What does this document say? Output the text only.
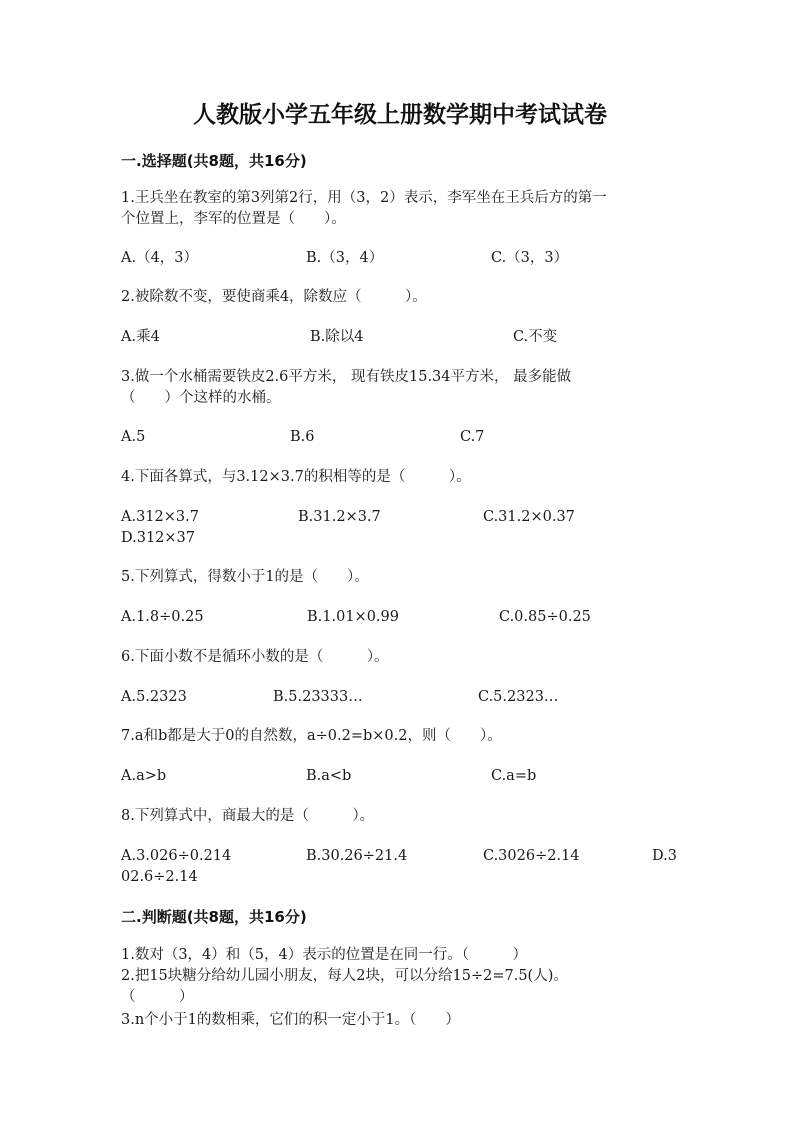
人教版小学五年级上册数学期中考试试卷
一.选择题(共8题，共16分)
1.王兵坐在教室的第3列第2行，用（3，2）表示，李军坐在王兵后方的第一
个位置上，李军的位置是（　　）。
A.（4，3）	B.（3，4）	C.（3，3）
2.被除数不变，要使商乘4，除数应（　　　）。
A.乘4	B.除以4	C.不变
3.做一个水桶需要铁皮2.6平方米， 现有铁皮15.34平方米， 最多能做
（　　）个这样的水桶。
A.5	B.6	C.7
4.下面各算式，与3.12×3.7的积相等的是（　　　）。
A.312×3.7	B.31.2×3.7	C.31.2×0.37
D.312×37
5.下列算式，得数小于1的是（　　）。
A.1.8÷0.25	B.1.01×0.99	C.0.85÷0.25
6.下面小数不是循环小数的是（　　　）。
A.5.2323	B.5.23333…	C.5.2323…
7.a和b都是大于0的自然数，a÷0.2=b×0.2，则（　　）。
A.a>b	B.a<b	C.a=b
8.下列算式中，商最大的是（　　　）。
A.3.026÷0.214	B.30.26÷21.4	C.3026÷2.14	D.3
02.6÷2.14
二.判断题(共8题，共16分)
1.数对（3，4）和（5，4）表示的位置是在同一行。（　　　）
2.把15块糖分给幼儿园小朋友，每人2块，可以分给15÷2=7.5(人)。
（　　　）
3.n个小于1的数相乘，它们的积一定小于1。（　　）
